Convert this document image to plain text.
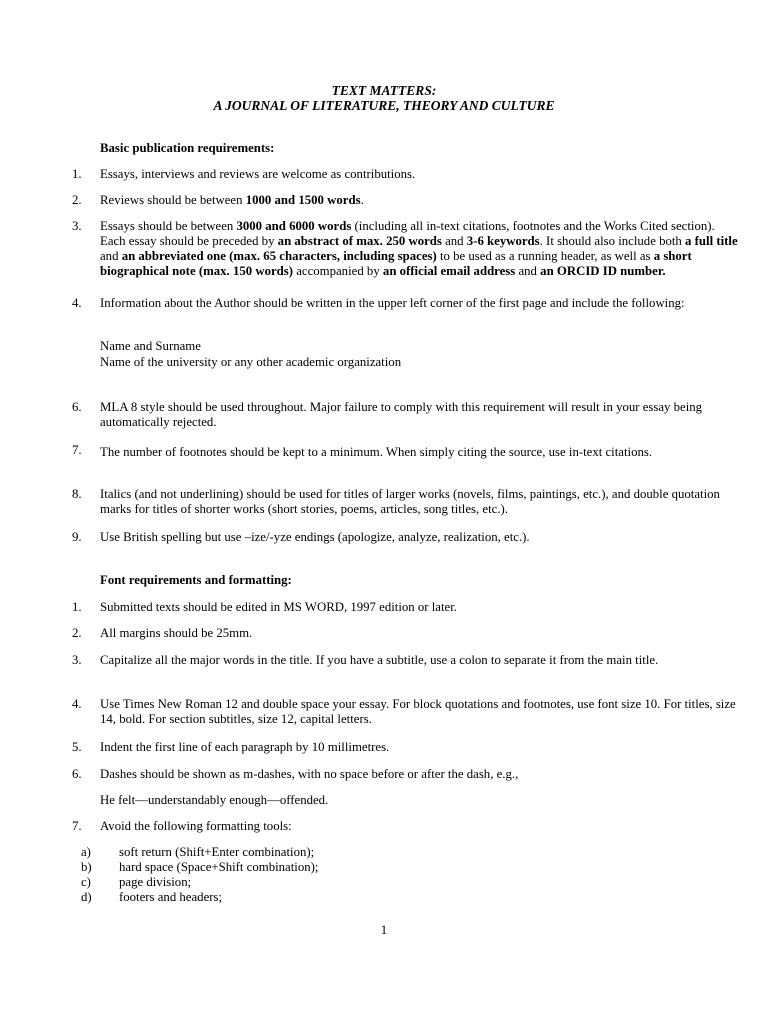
TEXT MATTERS:
A JOURNAL OF LITERATURE, THEORY AND CULTURE
Basic publication requirements:
1. Essays, interviews and reviews are welcome as contributions.
2. Reviews should be between 1000 and 1500 words.
3. Essays should be between 3000 and 6000 words (including all in-text citations, footnotes and the Works Cited section). Each essay should be preceded by an abstract of max. 250 words and 3-6 keywords. It should also include both a full title and an abbreviated one (max. 65 characters, including spaces) to be used as a running header, as well as a short biographical note (max. 150 words) accompanied by an official email address and an ORCID ID number.
4. Information about the Author should be written in the upper left corner of the first page and include the following:
Name and Surname
Name of the university or any other academic organization
6. MLA 8 style should be used throughout. Major failure to comply with this requirement will result in your essay being automatically rejected.
7. The number of footnotes should be kept to a minimum. When simply citing the source, use in-text citations.
8. Italics (and not underlining) should be used for titles of larger works (novels, films, paintings, etc.), and double quotation marks for titles of shorter works (short stories, poems, articles, song titles, etc.).
9. Use British spelling but use –ize/-yze endings (apologize, analyze, realization, etc.).
Font requirements and formatting:
1. Submitted texts should be edited in MS WORD, 1997 edition or later.
2. All margins should be 25mm.
3. Capitalize all the major words in the title. If you have a subtitle, use a colon to separate it from the main title.
4. Use Times New Roman 12 and double space your essay. For block quotations and footnotes, use font size 10. For titles, size 14, bold. For section subtitles, size 12, capital letters.
5. Indent the first line of each paragraph by 10 millimetres.
6. Dashes should be shown as m-dashes, with no space before or after the dash, e.g.,
He felt—understandably enough—offended.
7. Avoid the following formatting tools:
a) soft return (Shift+Enter combination);
b) hard space (Space+Shift combination);
c) page division;
d) footers and headers;
1
